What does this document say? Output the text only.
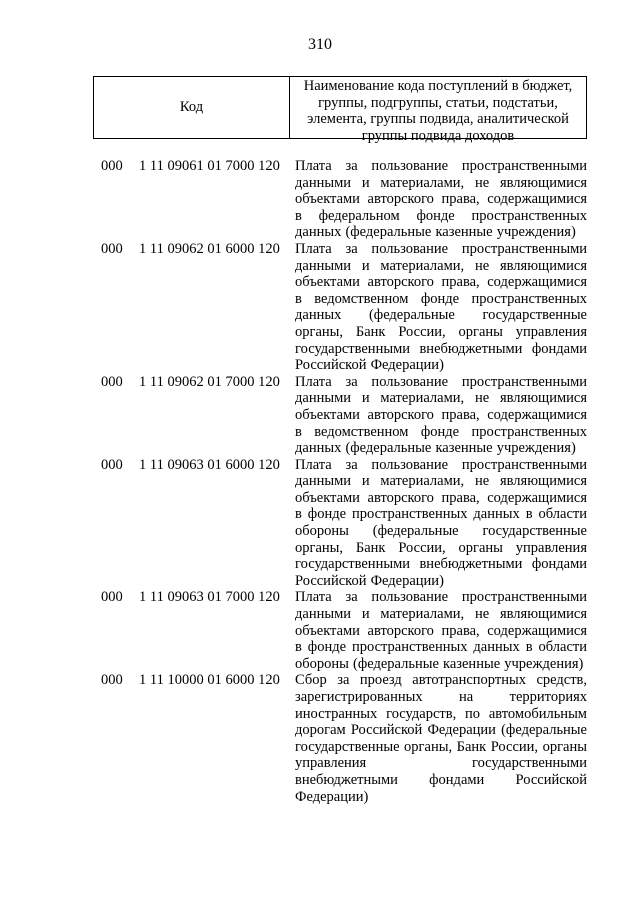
310
Код
Наименование кода поступлений в бюджет, группы, подгруппы, статьи, подстатьи, элемента, группы подвида, аналитической группы подвида доходов
000 1 11 09061 01 7000 120 Плата за пользование пространственными данными и материалами, не являющимися объектами авторского права, содержащимися в федеральном фонде пространственных данных (федеральные казенные учреждения)
000 1 11 09062 01 6000 120 Плата за пользование пространственными данными и материалами, не являющимися объектами авторского права, содержащимися в ведомственном фонде пространственных данных (федеральные государственные органы, Банк России, органы управления государственными внебюджетными фондами Российской Федерации)
000 1 11 09062 01 7000 120 Плата за пользование пространственными данными и материалами, не являющимися объектами авторского права, содержащимися в ведомственном фонде пространственных данных (федеральные казенные учреждения)
000 1 11 09063 01 6000 120 Плата за пользование пространственными данными и материалами, не являющимися объектами авторского права, содержащимися в фонде пространственных данных в области обороны (федеральные государственные органы, Банк России, органы управления государственными внебюджетными фондами Российской Федерации)
000 1 11 09063 01 7000 120 Плата за пользование пространственными данными и материалами, не являющимися объектами авторского права, содержащимися в фонде пространственных данных в области обороны (федеральные казенные учреждения)
000 1 11 10000 01 6000 120 Сбор за проезд автотранспортных средств, зарегистрированных на территориях иностранных государств, по автомобильным дорогам Российской Федерации (федеральные государственные органы, Банк России, органы управления государственными внебюджетными фондами Российской Федерации)
